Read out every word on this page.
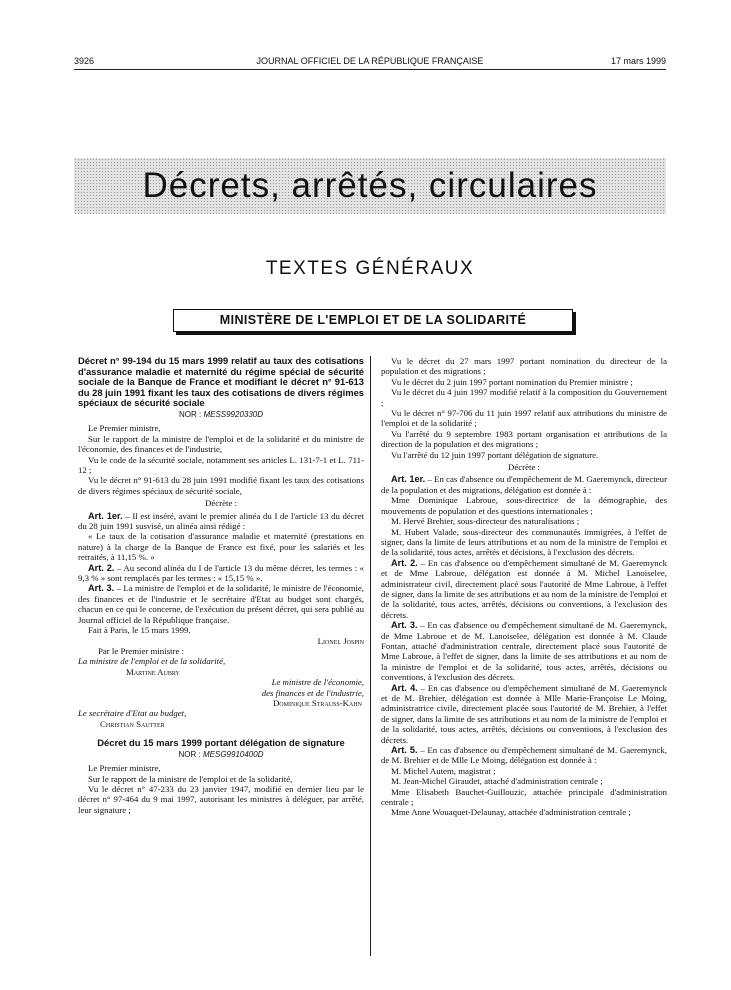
3926	JOURNAL OFFICIEL DE LA RÉPUBLIQUE FRANÇAISE	17 mars 1999
Décrets, arrêtés, circulaires
TEXTES GÉNÉRAUX
MINISTÈRE DE L'EMPLOI ET DE LA SOLIDARITÉ
Décret n° 99-194 du 15 mars 1999 relatif au taux des cotisations d'assurance maladie et maternité du régime spécial de sécurité sociale de la Banque de France et modifiant le décret n° 91-613 du 28 juin 1991 fixant les taux des cotisations de divers régimes spéciaux de sécurité sociale
NOR : MESS9920330D

Le Premier ministre,

Sur le rapport de la ministre de l'emploi et de la solidarité et du ministre de l'économie, des finances et de l'industrie,

Vu le code de la sécurité sociale, notamment ses articles L. 131-7-1 et L. 711-12 ;

Vu le décret n° 91-613 du 28 juin 1991 modifié fixant les taux des cotisations de divers régimes spéciaux de sécurité sociale,

Décrète :

Art. 1er. – Il est inséré, avant le premier alinéa du I de l'article 13 du décret du 28 juin 1991 susvisé, un alinéa ainsi rédigé :

« Le taux de la cotisation d'assurance maladie et maternité (prestations en nature) à la charge de la Banque de France est fixé, pour les salariés et les retraités, à 11,15 %. »

Art. 2. – Au second alinéa du I de l'article 13 du même décret, les termes : « 9,3 % » sont remplacés par les termes : « 15,15 % ».

Art. 3. – La ministre de l'emploi et de la solidarité, le ministre de l'économie, des finances et de l'industrie et le secrétaire d'Etat au budget sont chargés, chacun en ce qui le concerne, de l'exécution du présent décret, qui sera publié au Journal officiel de la République française.

Fait à Paris, le 15 mars 1999.

Lionel Jospin

Par le Premier ministre :

La ministre de l'emploi et de la solidarité,

Martine Aubry

Le ministre de l'économie,

des finances et de l'industrie,

Dominique Strauss-Kahn

Le secrétaire d'Etat au budget,

Christian Sautter

Décret du 15 mars 1999 portant délégation de signature
NOR : MESG9910400D

Le Premier ministre,

Sur le rapport de la ministre de l'emploi et de la solidarité,

Vu le décret n° 47-233 du 23 janvier 1947, modifié en dernier lieu par le décret n° 97-464 du 9 mai 1997, autorisant les ministres à déléguer, par arrêté, leur signature ;

Vu le décret du 27 mars 1997 portant nomination du directeur de la population et des migrations ;

Vu le décret du 2 juin 1997 portant nomination du Premier ministre ;

Vu le décret du 4 juin 1997 modifié relatif à la composition du Gouvernement ;

Vu le décret n° 97-706 du 11 juin 1997 relatif aux attributions du ministre de l'emploi et de la solidarité ;

Vu l'arrêté du 9 septembre 1983 portant organisation et attributions de la direction de la population et des migrations ;

Vu l'arrêté du 12 juin 1997 portant délégation de signature.

Décrète :

Art. 1er. – En cas d'absence ou d'empêchement de M. Gaeremynck, directeur de la population et des migrations, délégation est donnée à :

Mme Dominique Labroue, sous-directrice de la démographie, des mouvements de population et des questions internationales ;

M. Hervé Brehier, sous-directeur des naturalisations ;

M. Hubert Valade, sous-directeur des communautés immigrées, à l'effet de signer, dans la limite de leurs attributions et au nom de la ministre de l'emploi et de la solidarité, tous actes, arrêtés et décisions, à l'exclusion des décrets.

Art. 2. – En cas d'absence ou d'empêchement simultané de M. Gaeremynck et de Mme Labroue, délégation est donnée à M. Michel Lanoiselee, administrateur civil, directement placé sous l'autorité de Mme Labroue, à l'effet de signer, dans la limite de ses attributions et au nom de la ministre de l'emploi et de la solidarité, tous actes, arrêtés, décisions ou conventions, à l'exclusion des décrets.

Art. 3. – En cas d'absence ou d'empêchement simultané de M. Gaeremynck, de Mme Labroue et de M. Lanoiselee, délégation est donnée à M. Claude Fontan, attaché d'administration centrale, directement placé sous l'autorité de Mme Labroue, à l'effet de signer, dans la limite de ses attributions et au nom de la ministre de l'emploi et de la solidarité, tous actes, arrêtés, décisions ou conventions, à l'exclusion des décrets.

Art. 4. – En cas d'absence ou d'empêchement simultané de M. Gaeremynck et de M. Brehier, délégation est donnée à Mlle Marie-Françoise Le Moing, administratrice civile, directement placée sous l'autorité de M. Brehier, à l'effet de signer, dans la limite de ses attributions et au nom de la ministre de l'emploi et de la solidarité, tous actes, arrêtés, décisions ou conventions, à l'exclusion des décrets.

Art. 5. – En cas d'absence ou d'empêchement simultané de M. Gaeremynck, de M. Brehier et de Mlle Le Moing, délégation est donnée à :

M. Michel Autem, magistrat ;

M. Jean-Michel Giraudet, attaché d'administration centrale ;

Mme Elisabeth Bauchet-Guillouzic, attachée principale d'administration centrale ;

Mme Anne Wouaquet-Delaunay, attachée d'administration centrale ;
